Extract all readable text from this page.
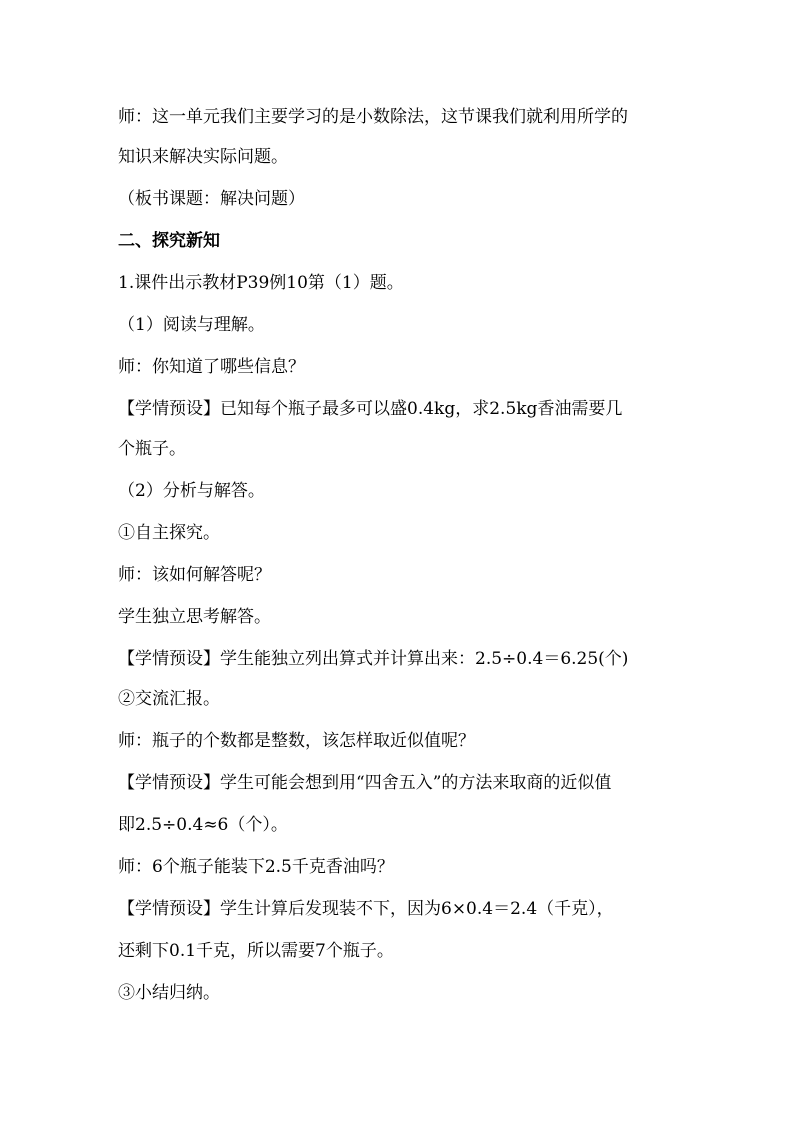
师：这一单元我们主要学习的是小数除法，这节课我们就利用所学的
知识来解决实际问题。
（板书课题：解决问题）
二、探究新知
1.课件出示教材P39例10第（1）题。
（1）阅读与理解。
师：你知道了哪些信息？
【学情预设】已知每个瓶子最多可以盛0.4kg，求2.5kg香油需要几
个瓶子。
（2）分析与解答。
①自主探究。
师：该如何解答呢？
学生独立思考解答。
【学情预设】学生能独立列出算式并计算出来：2.5÷0.4＝6.25(个)
②交流汇报。
师：瓶子的个数都是整数，该怎样取近似值呢？
【学情预设】学生可能会想到用“四舍五入”的方法来取商的近似值
即2.5÷0.4≈6（个）。
师：6个瓶子能装下2.5千克香油吗？
【学情预设】学生计算后发现装不下，因为6×0.4＝2.4（千克），
还剩下0.1千克，所以需要7个瓶子。
③小结归纳。
